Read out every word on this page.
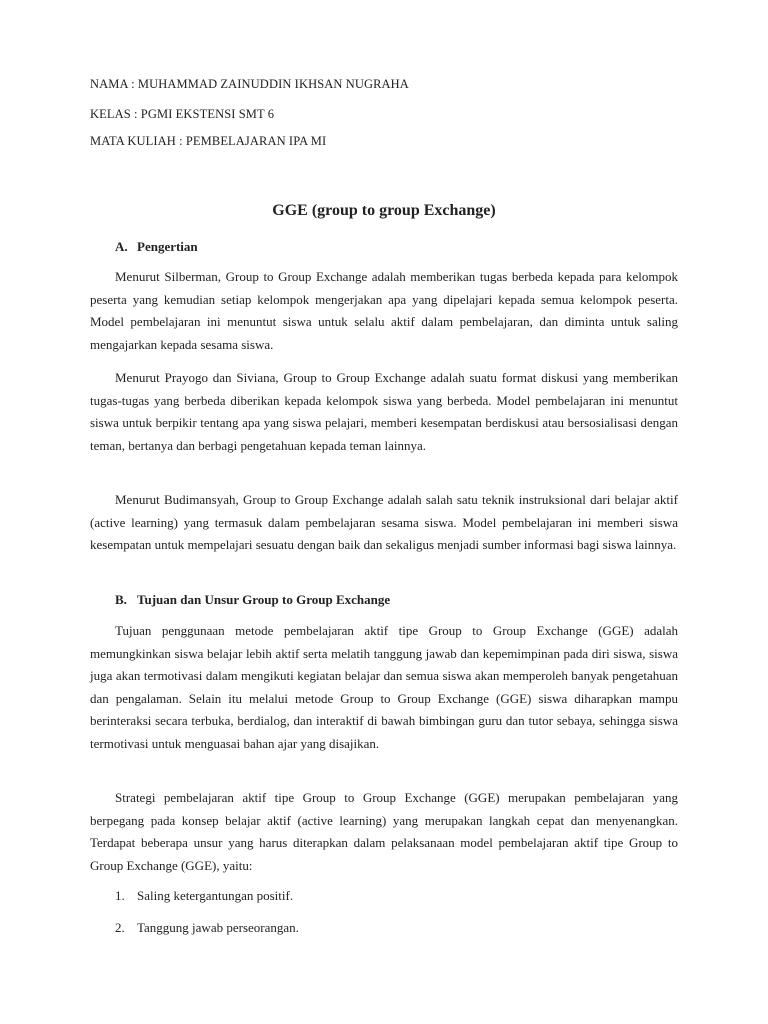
NAMA : MUHAMMAD ZAINUDDIN IKHSAN NUGRAHA
KELAS : PGMI EKSTENSI SMT 6
MATA KULIAH : PEMBELAJARAN IPA MI
GGE (group to group Exchange)
A. Pengertian
Menurut Silberman, Group to Group Exchange adalah memberikan tugas berbeda kepada para kelompok peserta yang kemudian setiap kelompok mengerjakan apa yang dipelajari kepada semua kelompok peserta. Model pembelajaran ini menuntut siswa untuk selalu aktif dalam pembelajaran, dan diminta untuk saling mengajarkan kepada sesama siswa.
Menurut Prayogo dan Siviana, Group to Group Exchange adalah suatu format diskusi yang memberikan tugas-tugas yang berbeda diberikan kepada kelompok siswa yang berbeda. Model pembelajaran ini menuntut siswa untuk berpikir tentang apa yang siswa pelajari, memberi kesempatan berdiskusi atau bersosialisasi dengan teman, bertanya dan berbagi pengetahuan kepada teman lainnya.
Menurut Budimansyah, Group to Group Exchange adalah salah satu teknik instruksional dari belajar aktif (active learning) yang termasuk dalam pembelajaran sesama siswa. Model pembelajaran ini memberi siswa kesempatan untuk mempelajari sesuatu dengan baik dan sekaligus menjadi sumber informasi bagi siswa lainnya.
B. Tujuan dan Unsur Group to Group Exchange
Tujuan penggunaan metode pembelajaran aktif tipe Group to Group Exchange (GGE) adalah memungkinkan siswa belajar lebih aktif serta melatih tanggung jawab dan kepemimpinan pada diri siswa, siswa juga akan termotivasi dalam mengikuti kegiatan belajar dan semua siswa akan memperoleh banyak pengetahuan dan pengalaman. Selain itu melalui metode Group to Group Exchange (GGE) siswa diharapkan mampu berinteraksi secara terbuka, berdialog, dan interaktif di bawah bimbingan guru dan tutor sebaya, sehingga siswa termotivasi untuk menguasai bahan ajar yang disajikan.
Strategi pembelajaran aktif tipe Group to Group Exchange (GGE) merupakan pembelajaran yang berpegang pada konsep belajar aktif (active learning) yang merupakan langkah cepat dan menyenangkan. Terdapat beberapa unsur yang harus diterapkan dalam pelaksanaan model pembelajaran aktif tipe Group to Group Exchange (GGE), yaitu:
1. Saling ketergantungan positif.
2. Tanggung jawab perseorangan.
